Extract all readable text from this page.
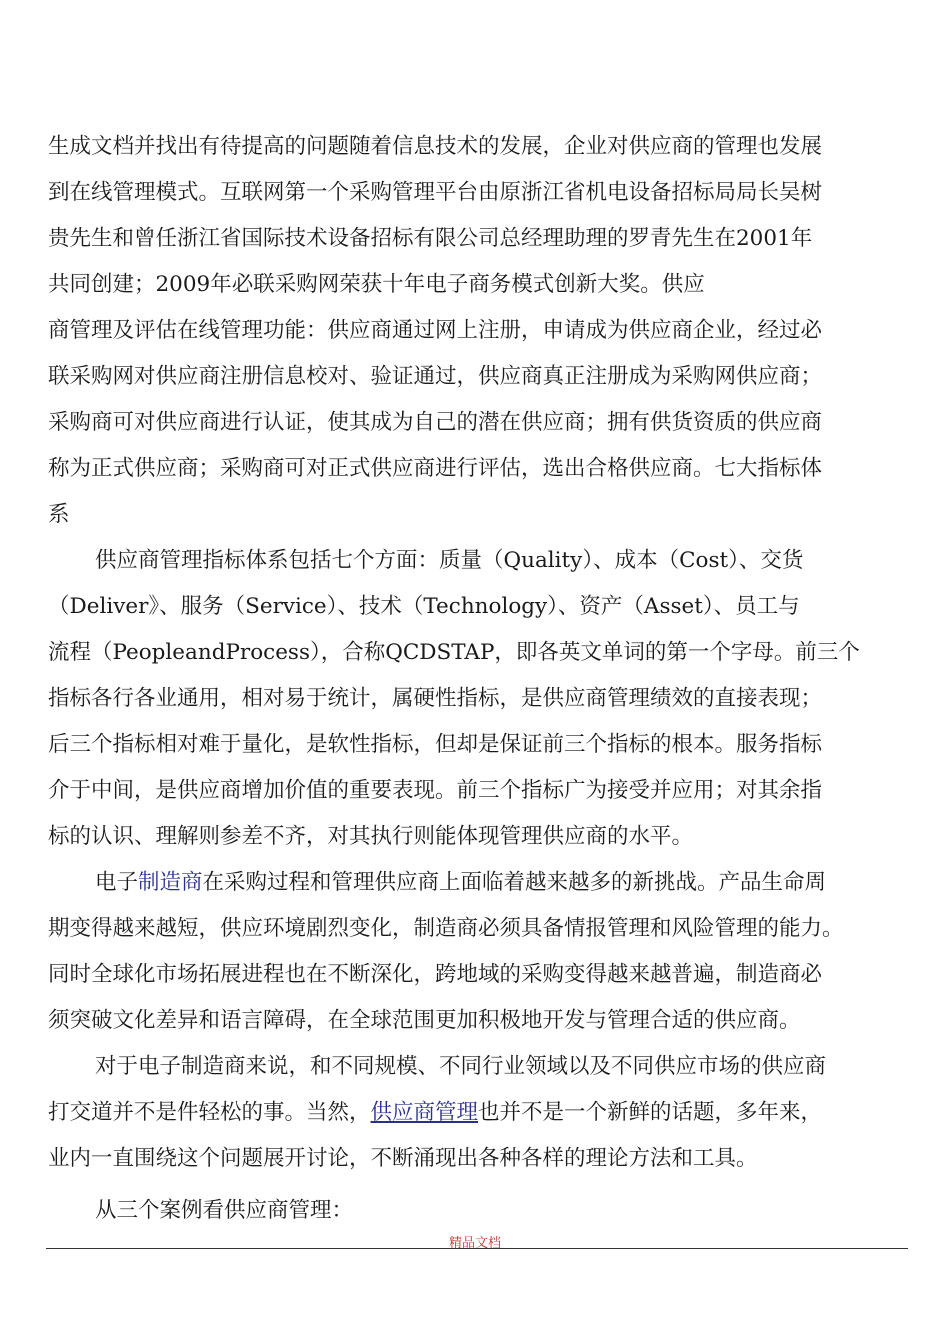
生成文档并找出有待提高的问题随着信息技术的发展，企业对供应商的管理也发展
到在线管理模式。互联网第一个采购管理平台由原浙江省机电设备招标局局长吴树
贵先生和曾任浙江省国际技术设备招标有限公司总经理助理的罗青先生在2001年
共同创建；2009年必联采购网荣获十年电子商务模式创新大奖。供应
商管理及评估在线管理功能：供应商通过网上注册，申请成为供应商企业，经过必
联采购网对供应商注册信息校对、验证通过，供应商真正注册成为采购网供应商；
采购商可对供应商进行认证，使其成为自己的潜在供应商；拥有供货资质的供应商
称为正式供应商；采购商可对正式供应商进行评估，选出合格供应商。七大指标体
系
供应商管理指标体系包括七个方面：质量（Quality）、成本（Cost）、交货
（Deliver》、服务（Service）、技术（Technology）、资产（Asset）、员工与
流程（PeopleandProcess），合称QCDSTAP，即各英文单词的第一个字母。前三个
指标各行各业通用，相对易于统计，属硬性指标，是供应商管理绩效的直接表现；
后三个指标相对难于量化，是软性指标，但却是保证前三个指标的根本。服务指标
介于中间，是供应商增加价值的重要表现。前三个指标广为接受并应用；对其余指
标的认识、理解则参差不齐，对其执行则能体现管理供应商的水平。
电子制造商在采购过程和管理供应商上面临着越来越多的新挑战。产品生命周
期变得越来越短，供应环境剧烈变化，制造商必须具备情报管理和风险管理的能力。
同时全球化市场拓展进程也在不断深化，跨地域的采购变得越来越普遍，制造商必
须突破文化差异和语言障碍，在全球范围更加积极地开发与管理合适的供应商。
对于电子制造商来说，和不同规模、不同行业领域以及不同供应市场的供应商
打交道并不是件轻松的事。当然，供应商管理也并不是一个新鲜的话题，多年来，
业内一直围绕这个问题展开讨论，不断涌现出各种各样的理论方法和工具。
从三个案例看供应商管理：
精品文档
